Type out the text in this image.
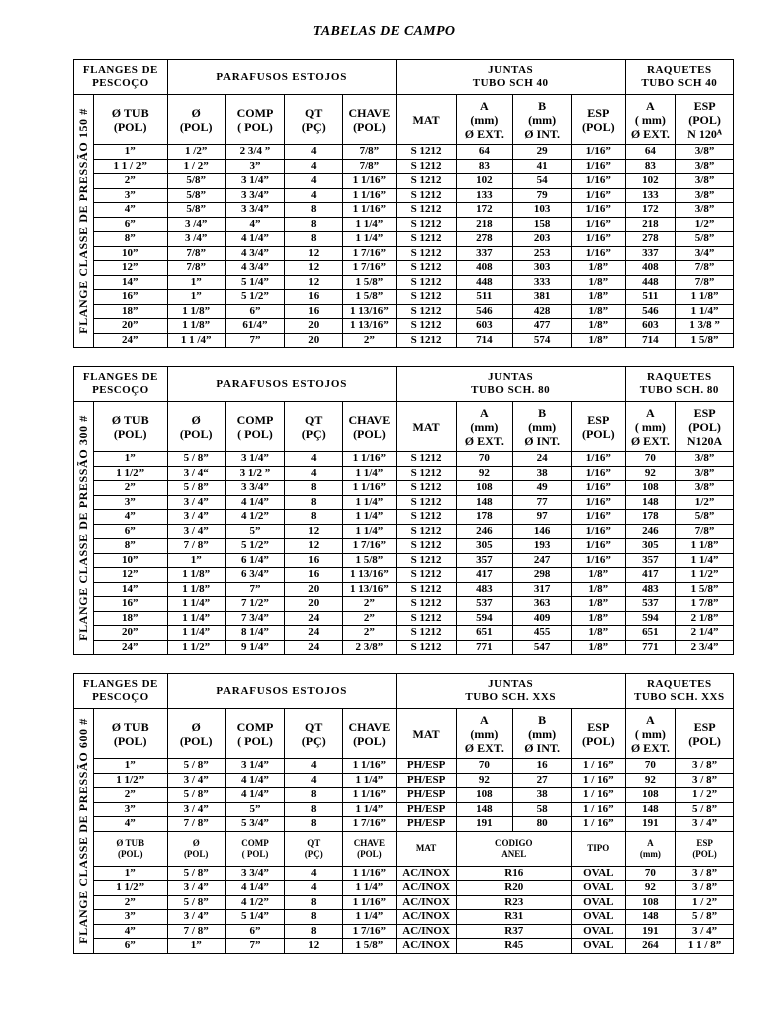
TABELAS DE CAMPO
FLANGES DE PESCOÇO		PARAFUSOS ESTOJOS				JUNTAS
TUBO SCH 40				RAQUETES
TUBO SCH 40	

FLANGE CLASSE DE PRESSÃO 150 #	Ø TUB
(POL)	Ø
(POL)	COMP
( POL)	QT
(PÇ)	CHAVE
(POL)	MAT	A
(mm)
Ø EXT.	B
(mm)
Ø INT.	ESP
(POL)	A
( mm)
Ø EXT.	ESP
(POL)
N 120ᴬ
	1”	1 /2”	2 3/4 ”	4	7/8”	S 1212	64	29	1/16”	64	3/8”
	1 1 / 2”	1 / 2”	3”	4	7/8”	S 1212	83	41	1/16”	83	3/8”
	2”	5/8”	3 1/4”	4	1 1/16”	S 1212	102	54	1/16”	102	3/8”
	3”	5/8”	3 3/4”	4	1 1/16”	S 1212	133	79	1/16”	133	3/8”
	4”	5/8”	3 3/4”	8	1 1/16”	S 1212	172	103	1/16”	172	3/8”
	6”	3 /4”	4”	8	1 1/4”	S 1212	218	158	1/16”	218	1/2”
	8”	3 /4”	4 1/4”	8	1 1/4”	S 1212	278	203	1/16”	278	5/8”
	10”	7/8”	4 3/4”	12	1 7/16”	S 1212	337	253	1/16”	337	3/4”
	12”	7/8”	4 3/4”	12	1 7/16”	S 1212	408	303	1/8”	408	7/8”
	14”	1”	5 1/4”	12	1 5/8”	S 1212	448	333	1/8”	448	7/8”
	16”	1”	5 1/2”	16	1 5/8”	S 1212	511	381	1/8”	511	1 1/8”
	18”	1 1/8”	6”	16	1 13/16”	S 1212	546	428	1/8”	546	1 1/4”
	20”	1 1/8”	61/4”	20	1 13/16”	S 1212	603	477	1/8”	603	1 3/8 ”
	24”	1 1 /4”	7”	20	2”	S 1212	714	574	1/8”	714	1 5/8”
FLANGES DE PESCOÇO		PARAFUSOS ESTOJOS				JUNTAS
TUBO SCH. 80				RAQUETES
TUBO SCH. 80	

FLANGE CLASSE DE PRESSÃO 300 #	Ø TUB
(POL)	Ø
(POL)	COMP
( POL)	QT
(PÇ)	CHAVE
(POL)	MAT	A
(mm)
Ø EXT.	B
(mm)
Ø INT.	ESP
(POL)	A
( mm)
Ø EXT.	ESP
(POL)
N120A
	1”	5 / 8”	3 1/4”	4	1 1/16”	S 1212	70	24	1/16”	70	3/8”
	1 1/2”	3 / 4“	3 1/2 ”	4	1 1/4”	S 1212	92	38	1/16”	92	3/8”
	2”	5 / 8”	3 3/4”	8	1 1/16”	S 1212	108	49	1/16”	108	3/8”
	3”	3 / 4”	4 1/4”	8	1 1/4”	S 1212	148	77	1/16”	148	1/2”
	4”	3 / 4”	4 1/2”	8	1 1/4”	S 1212	178	97	1/16”	178	5/8”
	6”	3 / 4”	5”	12	1 1/4”	S 1212	246	146	1/16”	246	7/8”
	8”	7 / 8”	5 1/2”	12	1 7/16”	S 1212	305	193	1/16”	305	1 1/8”
	10”	1”	6 1/4”	16	1 5/8”	S 1212	357	247	1/16”	357	1 1/4”
	12”	1 1/8”	6 3/4”	16	1 13/16”	S 1212	417	298	1/8”	417	1 1/2”
	14”	1 1/8”	7”	20	1 13/16”	S 1212	483	317	1/8”	483	1 5/8”
	16”	1 1/4”	7 1/2”	20	2”	S 1212	537	363	1/8”	537	1 7/8”
	18”	1 1/4”	7 3/4”	24	2”	S 1212	594	409	1/8”	594	2 1/8”
	20”	1 1/4”	8 1/4”	24	2”	S 1212	651	455	1/8”	651	2 1/4”
	24”	1 1/2”	9 1/4”	24	2 3/8”	S 1212	771	547	1/8”	771	2 3/4”
FLANGES DE PESCOÇO		PARAFUSOS ESTOJOS				JUNTAS
TUBO SCH. XXS				RAQUETES
TUBO SCH. XXS	

FLANGE CLASSE DE PRESSÃO 600 #	Ø TUB
(POL)	Ø
(POL)	COMP
( POL)	QT
(PÇ)	CHAVE
(POL)	MAT	A
(mm)
Ø EXT.	B
(mm)
Ø INT.	ESP
(POL)	A
( mm)
Ø EXT.	ESP
(POL)
	1”	5 / 8”	3 1/4”	4	1 1/16”	PH/ESP	70	16	1 / 16”	70	3 / 8”
	1 1/2”	3 / 4”	4 1/4”	4	1 1/4”	PH/ESP	92	27	1 / 16”	92	3 / 8”
	2”	5 / 8”	4 1/4”	8	1 1/16”	PH/ESP	108	38	1 / 16”	108	1 / 2”
	3”	3 / 4”	5”	8	1 1/4”	PH/ESP	148	58	1 / 16”	148	5 / 8”
	4”	7 / 8”	5 3/4”	8	1 7/16”	PH/ESP	191	80	1 / 16”	191	3 / 4”
	Ø TUB
(POL)	Ø
(POL)	COMP
( POL)	QT
(PÇ)	CHAVE
(POL)	MAT	CODIGO
ANEL		TIPO	A
(mm)	ESP
(POL)
	1”	5 / 8”	3 3/4”	4	1 1/16”	AC/INOX	R16		OVAL	70	3 / 8”
	1 1/2”	3 / 4”	4 1/4”	4	1 1/4”	AC/INOX	R20		OVAL	92	3 / 8”
	2”	5 / 8”	4 1/2”	8	1 1/16”	AC/INOX	R23		OVAL	108	1 / 2”
	3”	3 / 4”	5 1/4”	8	1 1/4”	AC/INOX	R31		OVAL	148	5 / 8”
	4”	7 / 8”	6”	8	1 7/16”	AC/INOX	R37		OVAL	191	3 / 4”
	6”	1”	7”	12	1 5/8”	AC/INOX	R45		OVAL	264	1 1 / 8”
